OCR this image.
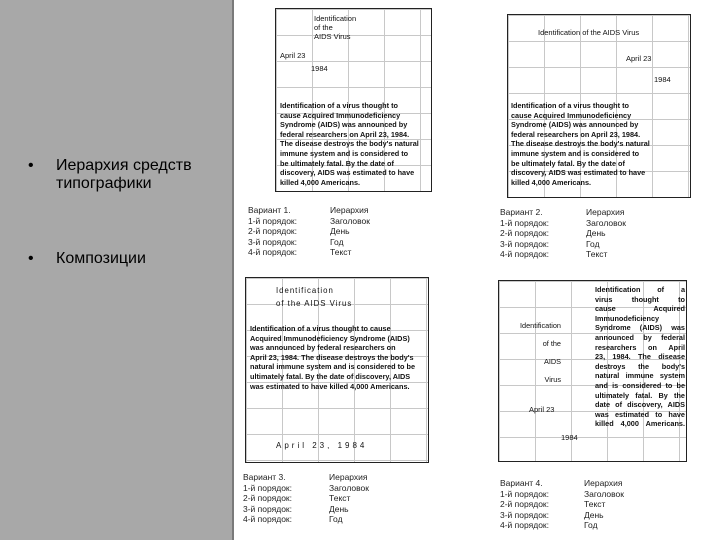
•	Иерархия средств типографики
•	Композиции
Identification
of the
AIDS Virus
April 23
1984
Identification of a virus thought to
cause Acquired Immunodeficiency
Syndrome (AIDS) was announced by
federal researchers on April 23, 1984.
The disease destroys the body's natural
immune system and is considered to
be ultimately fatal. By the date of
discovery, AIDS was estimated to have
killed 4,000 Americans.
Вариант 1.	Иерархия
1-й порядок:	Заголовок
2-й порядок:	День
3-й порядок:	Год
4-й порядок:	Текст
Identification of the AIDS Virus
April 23
1984
Identification of a virus thought to
cause Acquired Immunodeficiency
Syndrome (AIDS) was announced by
federal researchers on April 23, 1984.
The disease destroys the body's natural
immune system and is considered to
be ultimately fatal. By the date of
discovery, AIDS was estimated to have
killed 4,000 Americans.
Вариант 2.	Иерархия
1-й порядок:	Заголовок
2-й порядок:	День
3-й порядок:	Год
4-й порядок:	Текст
Identification
of the AIDS Virus
Identification of a virus thought to cause
Acquired Immunodeficiency Syndrome (AIDS)
was announced by federal researchers on
April 23, 1984. The disease destroys the body's
natural immune system and is considered to be
ultimately fatal. By the date of discovery, AIDS
was estimated to have killed 4,000 Americans.
April 23, 1984
Вариант 3.	Иерархия
1-й порядок:	Заголовок
2-й порядок:	Текст
3-й порядок:	День
4-й порядок:	Год
Identification

of the

AIDS

Virus
April 23
1984
Identification of a
virus thought to
cause Acquired
Immunodeficiency
Syndrome (AIDS) was
announced by federal
researchers on April
23, 1984. The disease
destroys the body's
natural immune system
and is considered to be
ultimately fatal. By the
date of discovery, AIDS
was estimated to have
killed 4,000 Americans.
Вариант 4.	Иерархия
1-й порядок:	Заголовок
2-й порядок:	Текст
3-й порядок:	День
4-й порядок:	Год
